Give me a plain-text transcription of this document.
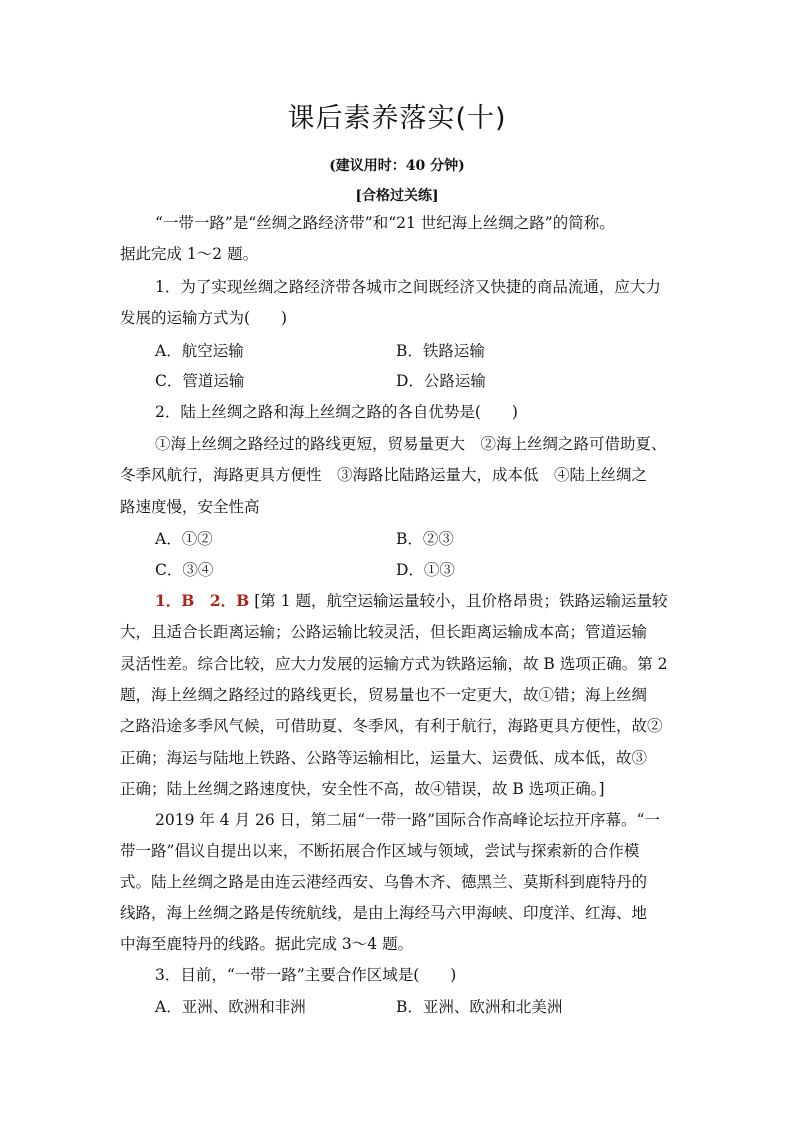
课后素养落实(十)
(建议用时：40 分钟)
[合格过关练]
“一带一路”是“丝绸之路经济带”和“21 世纪海上丝绸之路”的简称。
据此完成 1～2 题。
1．为了实现丝绸之路经济带各城市之间既经济又快捷的商品流通，应大力
发展的运输方式为(　　)
A．航空运输	B．铁路运输
C．管道运输	D．公路运输
2．陆上丝绸之路和海上丝绸之路的各自优势是(　　)
①海上丝绸之路经过的路线更短，贸易量更大　②海上丝绸之路可借助夏、
冬季风航行，海路更具方便性　③海路比陆路运量大，成本低　④陆上丝绸之
路速度慢，安全性高
A．①②	B．②③
C．③④	D．①③
1．B　2．B [第 1 题，航空运输运量较小，且价格昂贵；铁路运输运量较
大，且适合长距离运输；公路运输比较灵活，但长距离运输成本高；管道运输
灵活性差。综合比较，应大力发展的运输方式为铁路运输，故 B 选项正确。第 2
题，海上丝绸之路经过的路线更长，贸易量也不一定更大，故①错；海上丝绸
之路沿途多季风气候，可借助夏、冬季风，有利于航行，海路更具方便性，故②
正确；海运与陆地上铁路、公路等运输相比，运量大、运费低、成本低，故③
正确；陆上丝绸之路速度快，安全性不高，故④错误，故 B 选项正确。]
2019 年 4 月 26 日，第二届“一带一路”国际合作高峰论坛拉开序幕。“一
带一路”倡议自提出以来，不断拓展合作区域与领域，尝试与探索新的合作模
式。陆上丝绸之路是由连云港经西安、乌鲁木齐、德黑兰、莫斯科到鹿特丹的
线路，海上丝绸之路是传统航线，是由上海经马六甲海峡、印度洋、红海、地
中海至鹿特丹的线路。据此完成 3～4 题。
3．目前，“一带一路”主要合作区域是(　　)
A．亚洲、欧洲和非洲	B．亚洲、欧洲和北美洲
